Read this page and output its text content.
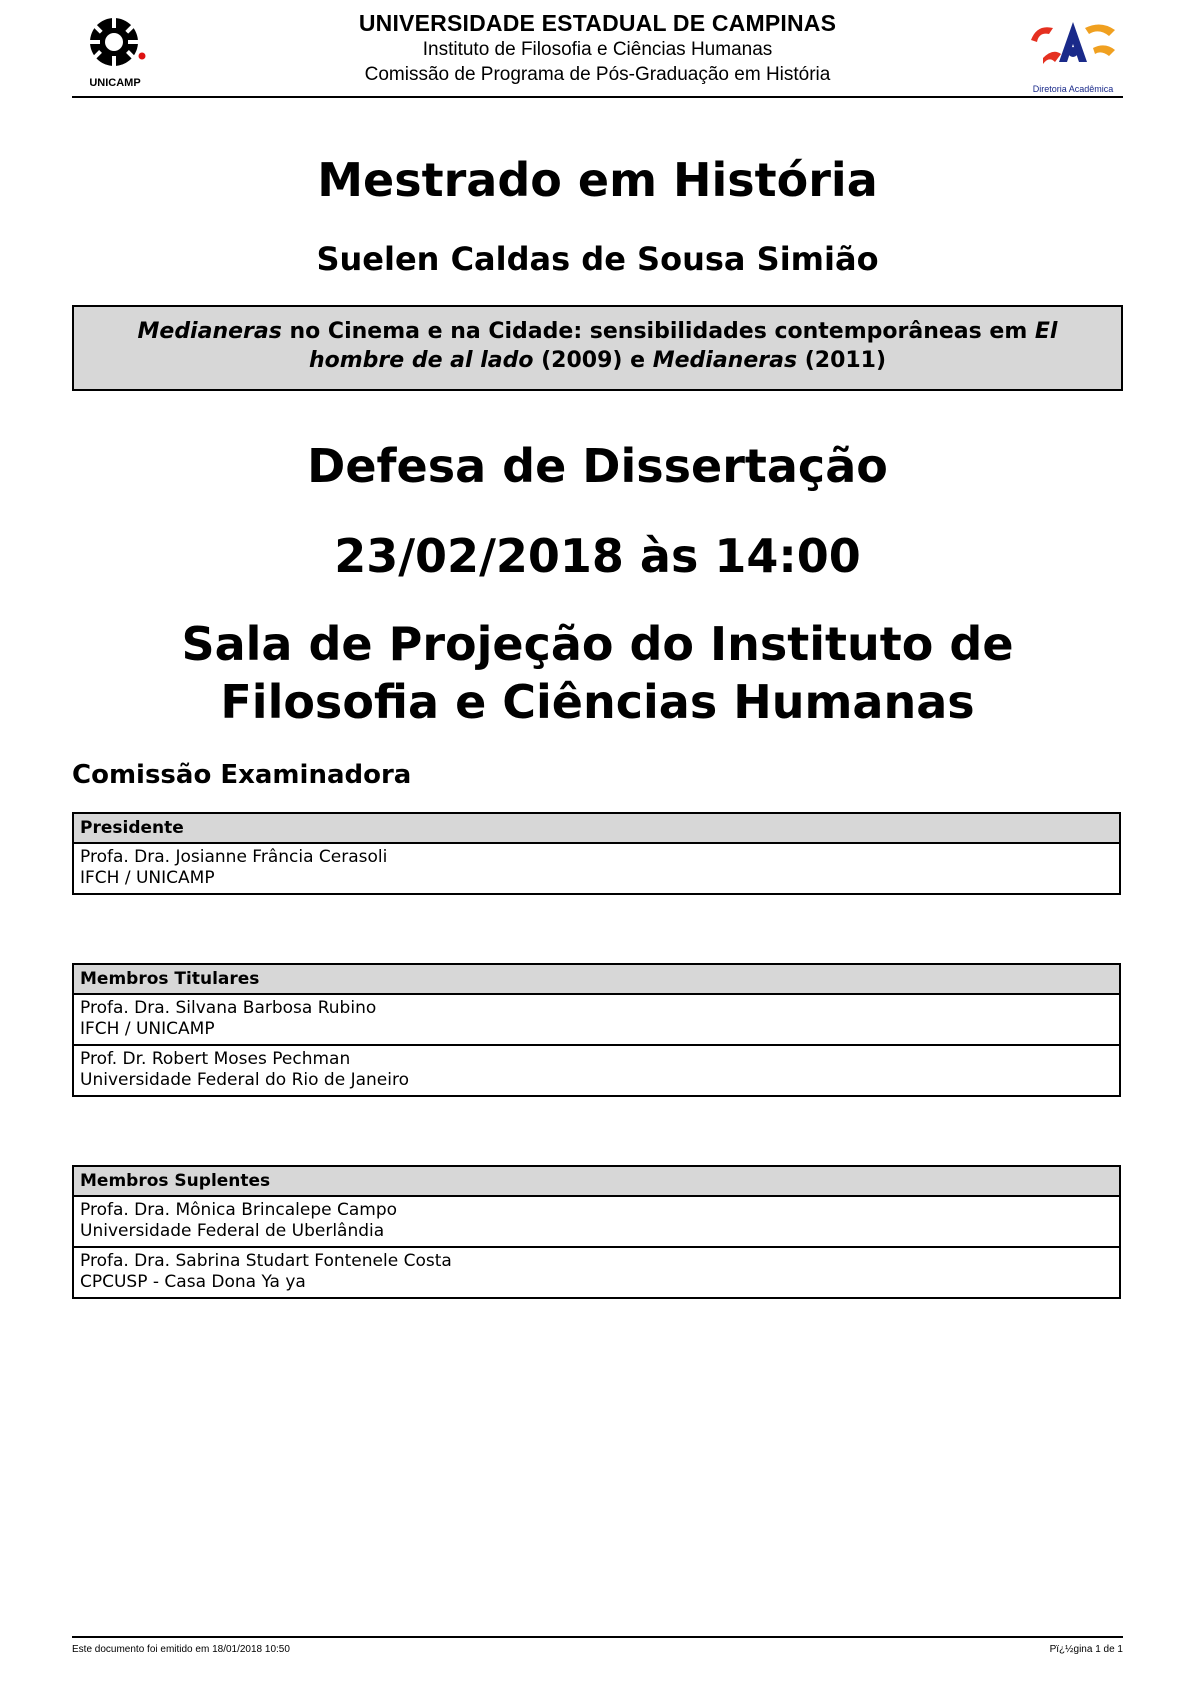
UNICAMP
UNIVERSIDADE ESTADUAL DE CAMPINAS
Instituto de Filosofia e Ciências Humanas
Comissão de Programa de Pós-Graduação em História
Diretoria Acadêmica
Mestrado em História
Suelen Caldas de Sousa Simião
Medianeras no Cinema e na Cidade: sensibilidades contemporâneas em El hombre de al lado (2009) e Medianeras (2011)
Defesa de Dissertação
23/02/2018 às 14:00
Sala de Projeção do Instituto de Filosofia e Ciências Humanas
Comissão Examinadora
Presidente
Profa. Dra. Josianne Frância Cerasoli
IFCH / UNICAMP
Membros Titulares
Profa. Dra. Silvana Barbosa Rubino
IFCH / UNICAMP
Prof. Dr. Robert Moses Pechman
Universidade Federal do Rio de Janeiro
Membros Suplentes
Profa. Dra. Mônica Brincalepe Campo
Universidade Federal de Uberlândia
Profa. Dra. Sabrina Studart Fontenele Costa
CPCUSP - Casa Dona Ya ya
Este documento foi emitido em 18/01/2018 10:50	Pï¿½gina 1 de 1
